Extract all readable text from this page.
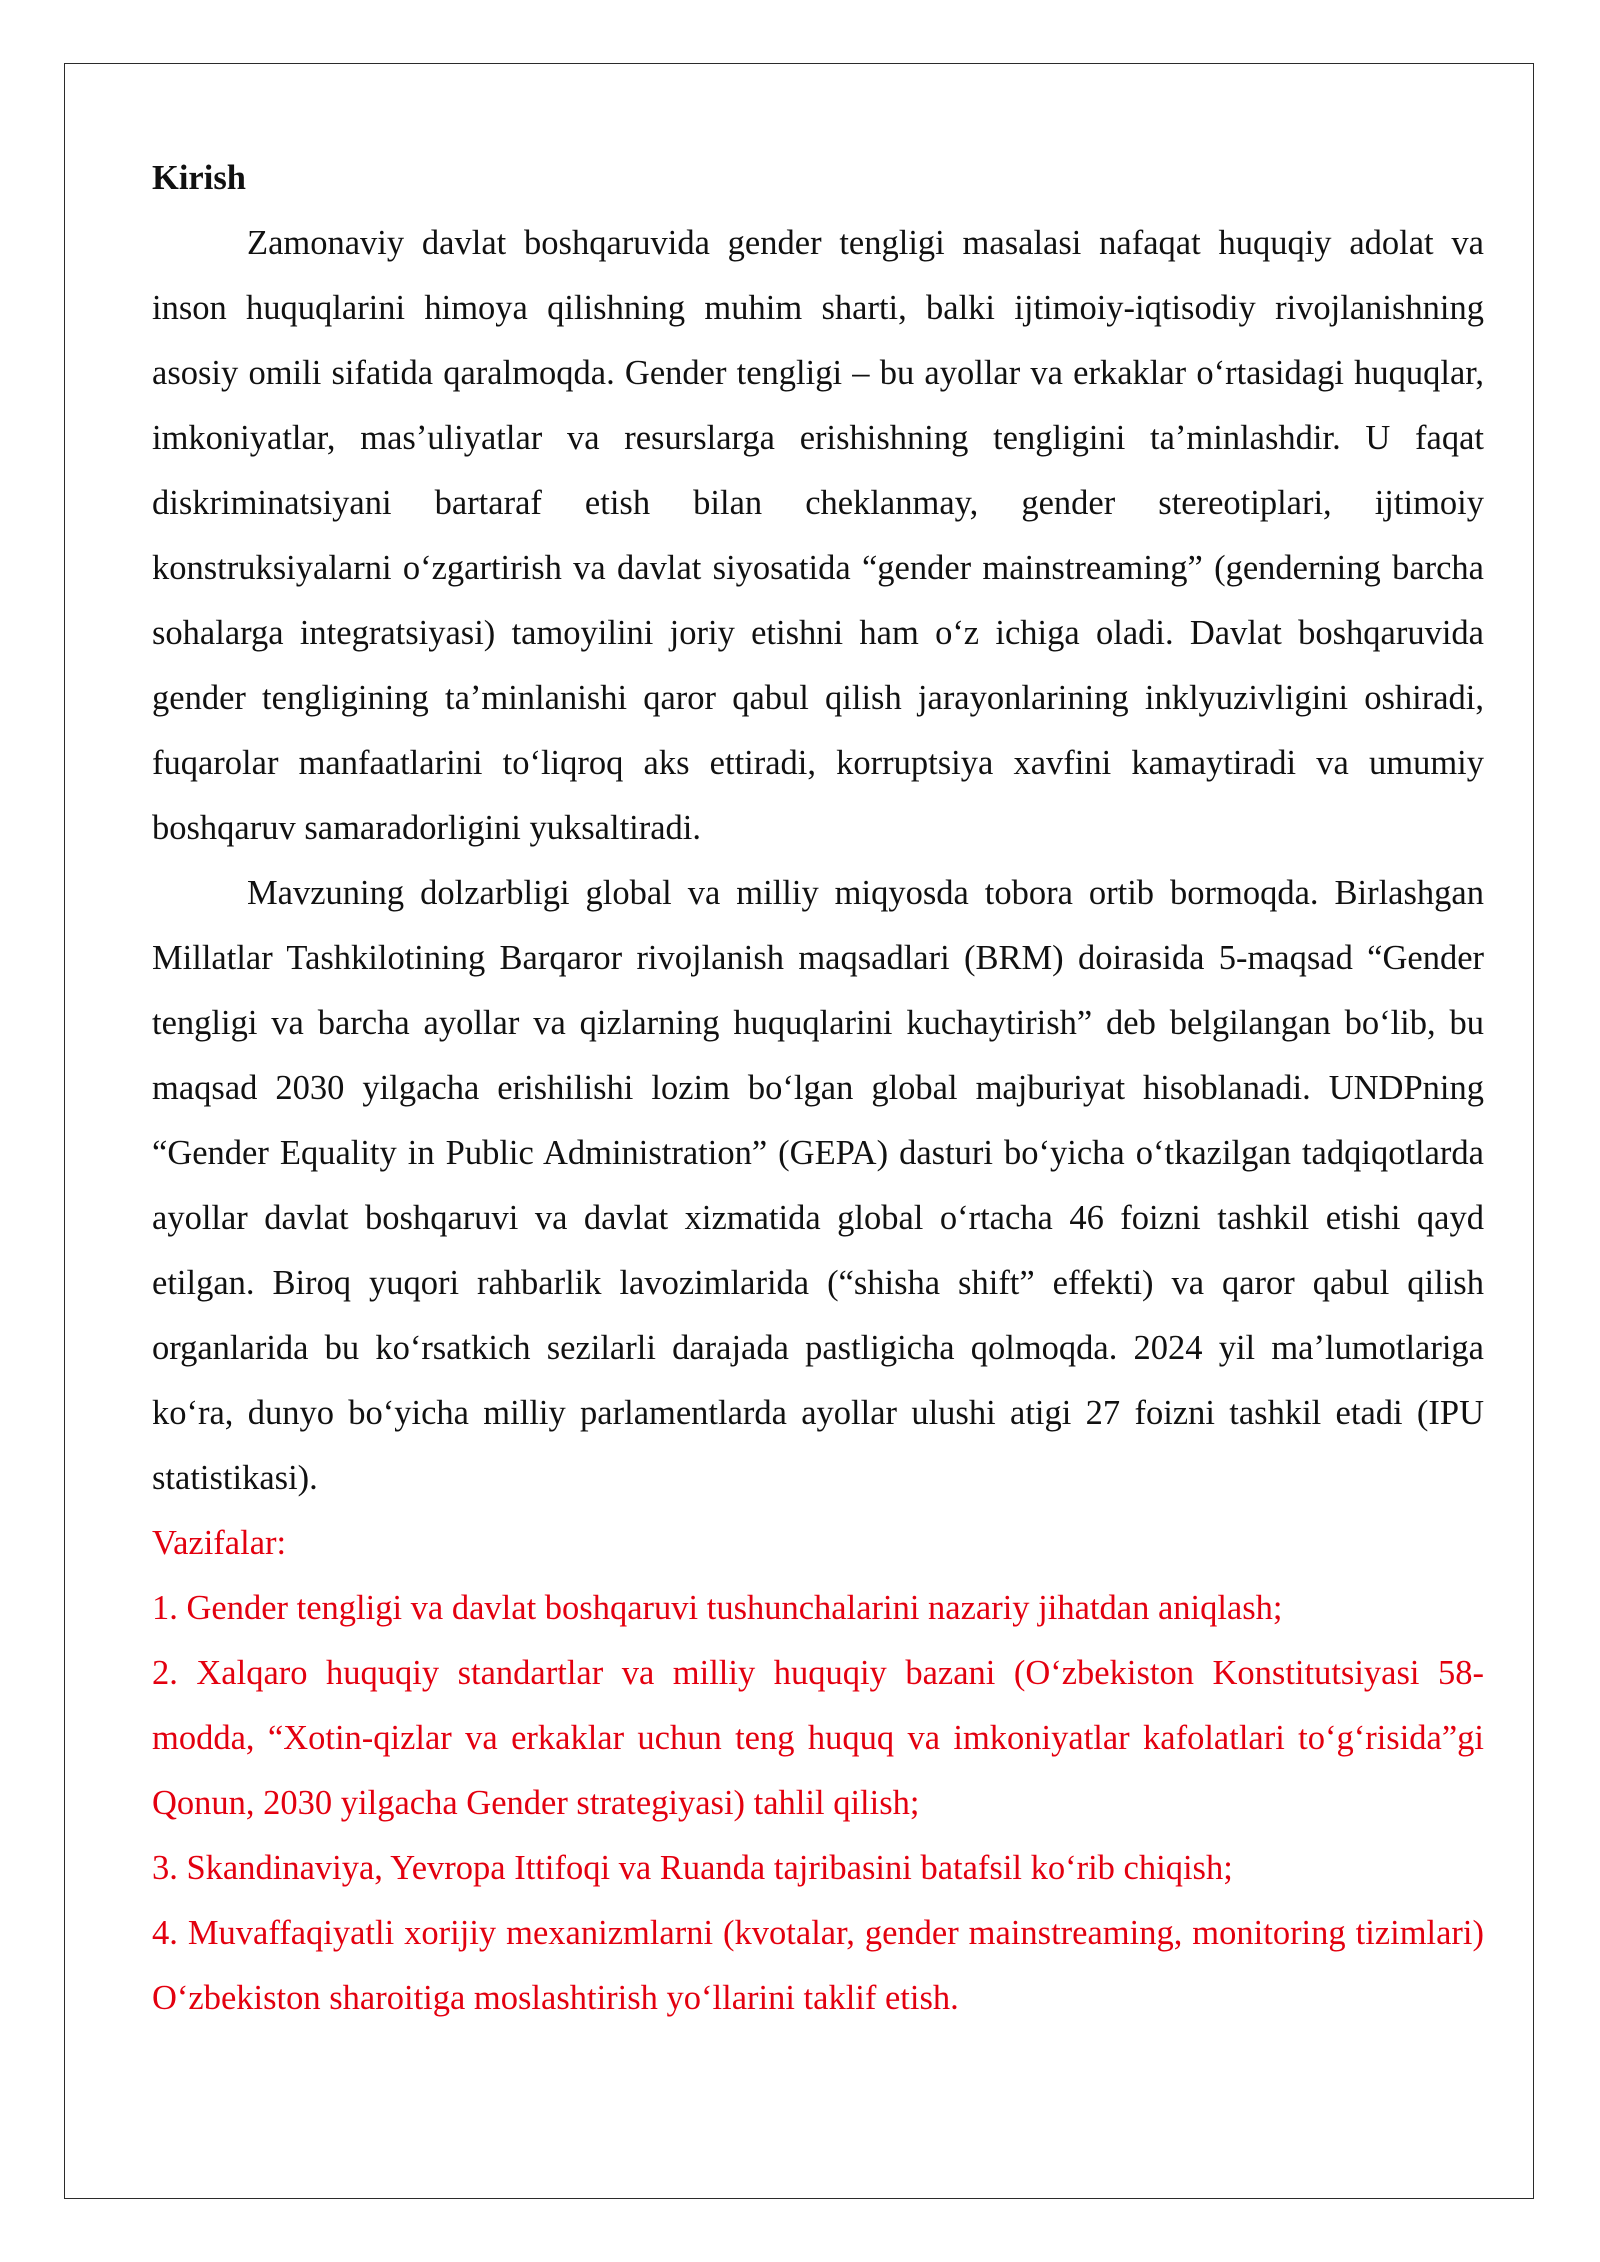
Kirish

Zamonaviy davlat boshqaruvida gender tengligi masalasi nafaqat huquqiy adolat va inson huquqlarini himoya qilishning muhim sharti, balki ijtimoiy-iqtisodiy rivojlanishning asosiy omili sifatida qaralmoqda. Gender tengligi – bu ayollar va erkaklar oʻrtasidagi huquqlar, imkoniyatlar, masʼuliyatlar va resurslarga erishishning tengligini taʼminlashdir. U faqat diskriminatsiyani bartaraf etish bilan cheklanmay, gender stereotiplari, ijtimoiy konstruksiyalarni oʻzgartirish va davlat siyosatida “gender mainstreaming” (genderning barcha sohalarga integratsiyasi) tamoyilini joriy etishni ham oʻz ichiga oladi. Davlat boshqaruvida gender tengligining taʼminlanishi qaror qabul qilish jarayonlarining inklyuzivligini oshiradi, fuqarolar manfaatlarini toʻliqroq aks ettiradi, korruptsiya xavfini kamaytiradi va umumiy boshqaruv samaradorligini yuksaltiradi.

Mavzuning dolzarbligi global va milliy miqyosda tobora ortib bormoqda. Birlashgan Millatlar Tashkilotining Barqaror rivojlanish maqsadlari (BRM) doirasida 5-maqsad “Gender tengligi va barcha ayollar va qizlarning huquqlarini kuchaytirish” deb belgilangan boʻlib, bu maqsad 2030 yilgacha erishilishi lozim boʻlgan global majburiyat hisoblanadi. UNDPning “Gender Equality in Public Administration” (GEPA) dasturi boʻyicha oʻtkazilgan tadqiqotlarda ayollar davlat boshqaruvi va davlat xizmatida global oʻrtacha 46 foizni tashkil etishi qayd etilgan. Biroq yuqori rahbarlik lavozimlarida (“shisha shift” effekti) va qaror qabul qilish organlarida bu koʻrsatkich sezilarli darajada pastligicha qolmoqda. 2024 yil maʼlumotlariga koʻra, dunyo boʻyicha milliy parlamentlarda ayollar ulushi atigi 27 foizni tashkil etadi (IPU statistikasi).

Vazifalar:

1. Gender tengligi va davlat boshqaruvi tushunchalarini nazariy jihatdan aniqlash;

2. Xalqaro huquqiy standartlar va milliy huquqiy bazani (Oʻzbekiston Konstitutsiyasi 58-modda, “Xotin-qizlar va erkaklar uchun teng huquq va imkoniyatlar kafolatlari toʻgʻrisida”gi Qonun, 2030 yilgacha Gender strategiyasi) tahlil qilish;

3. Skandinaviya, Yevropa Ittifoqi va Ruanda tajribasini batafsil koʻrib chiqish;

4. Muvaffaqiyatli xorijiy mexanizmlarni (kvotalar, gender mainstreaming, monitoring tizimlari) Oʻzbekiston sharoitiga moslashtirish yoʻllarini taklif etish.
